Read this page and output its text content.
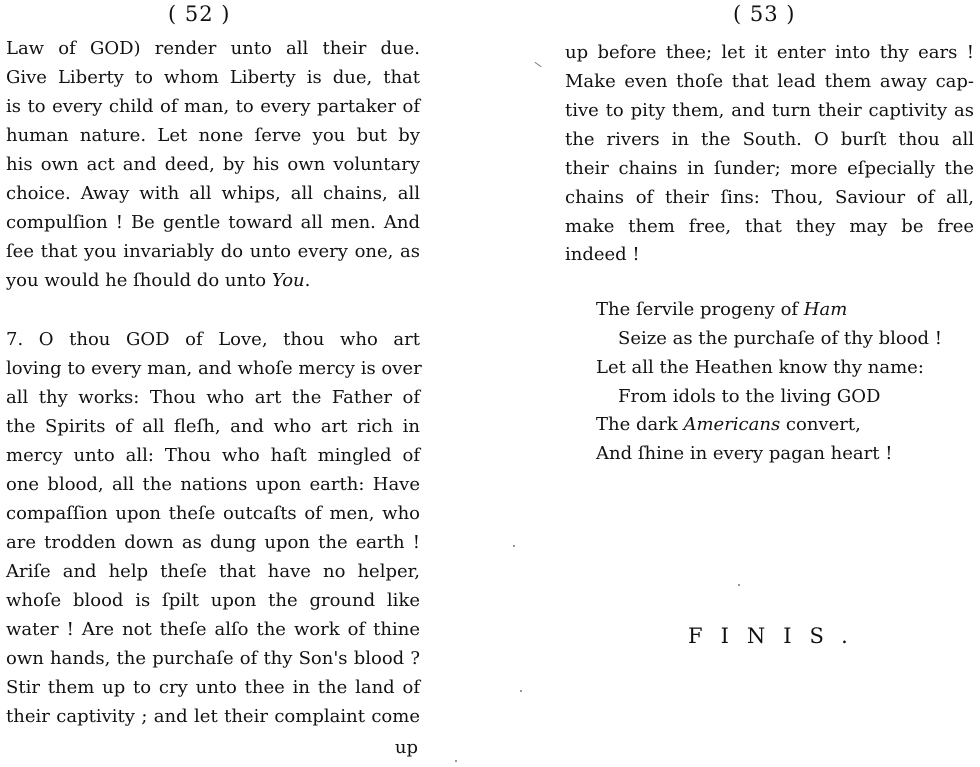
( 52 )
Law of GOD) render unto all their due.
Give Liberty to whom Liberty is due, that
is to every child of man, to every partaker of
human nature. Let none ſerve you but by
his own act and deed, by his own voluntary
choice. Away with all whips, all chains, all
compulſion ! Be gentle toward all men. And
ſee that you invariably do unto every one, as
you would he ſhould do unto You.
7. O thou GOD of Love, thou who art
loving to every man, and whoſe mercy is over
all thy works: Thou who art the Father of
the Spirits of all fleſh, and who art rich in
mercy unto all: Thou who haſt mingled of
one blood, all the nations upon earth: Have
compaſſion upon theſe outcaſts of men, who
are trodden down as dung upon the earth !
Ariſe and help theſe that have no helper,
whoſe blood is ſpilt upon the ground like
water ! Are not theſe alſo the work of thine
own hands, the purchaſe of thy Son's blood ?
Stir them up to cry unto thee in the land of
their captivity ; and let their complaint come
up
( 53 )
up before thee; let it enter into thy ears !
Make even thoſe that lead them away cap-
tive to pity them, and turn their captivity as
the rivers in the South. O burſt thou all
their chains in ſunder; more eſpecially the
chains of their ſins: Thou, Saviour of all,
make them free, that they may be free
indeed !
The ſervile progeny of Ham
Seize as the purchaſe of thy blood !
Let all the Heathen know thy name:
From idols to the living GOD
The dark Americans convert,
And ſhine in every pagan heart !
FINIS.
